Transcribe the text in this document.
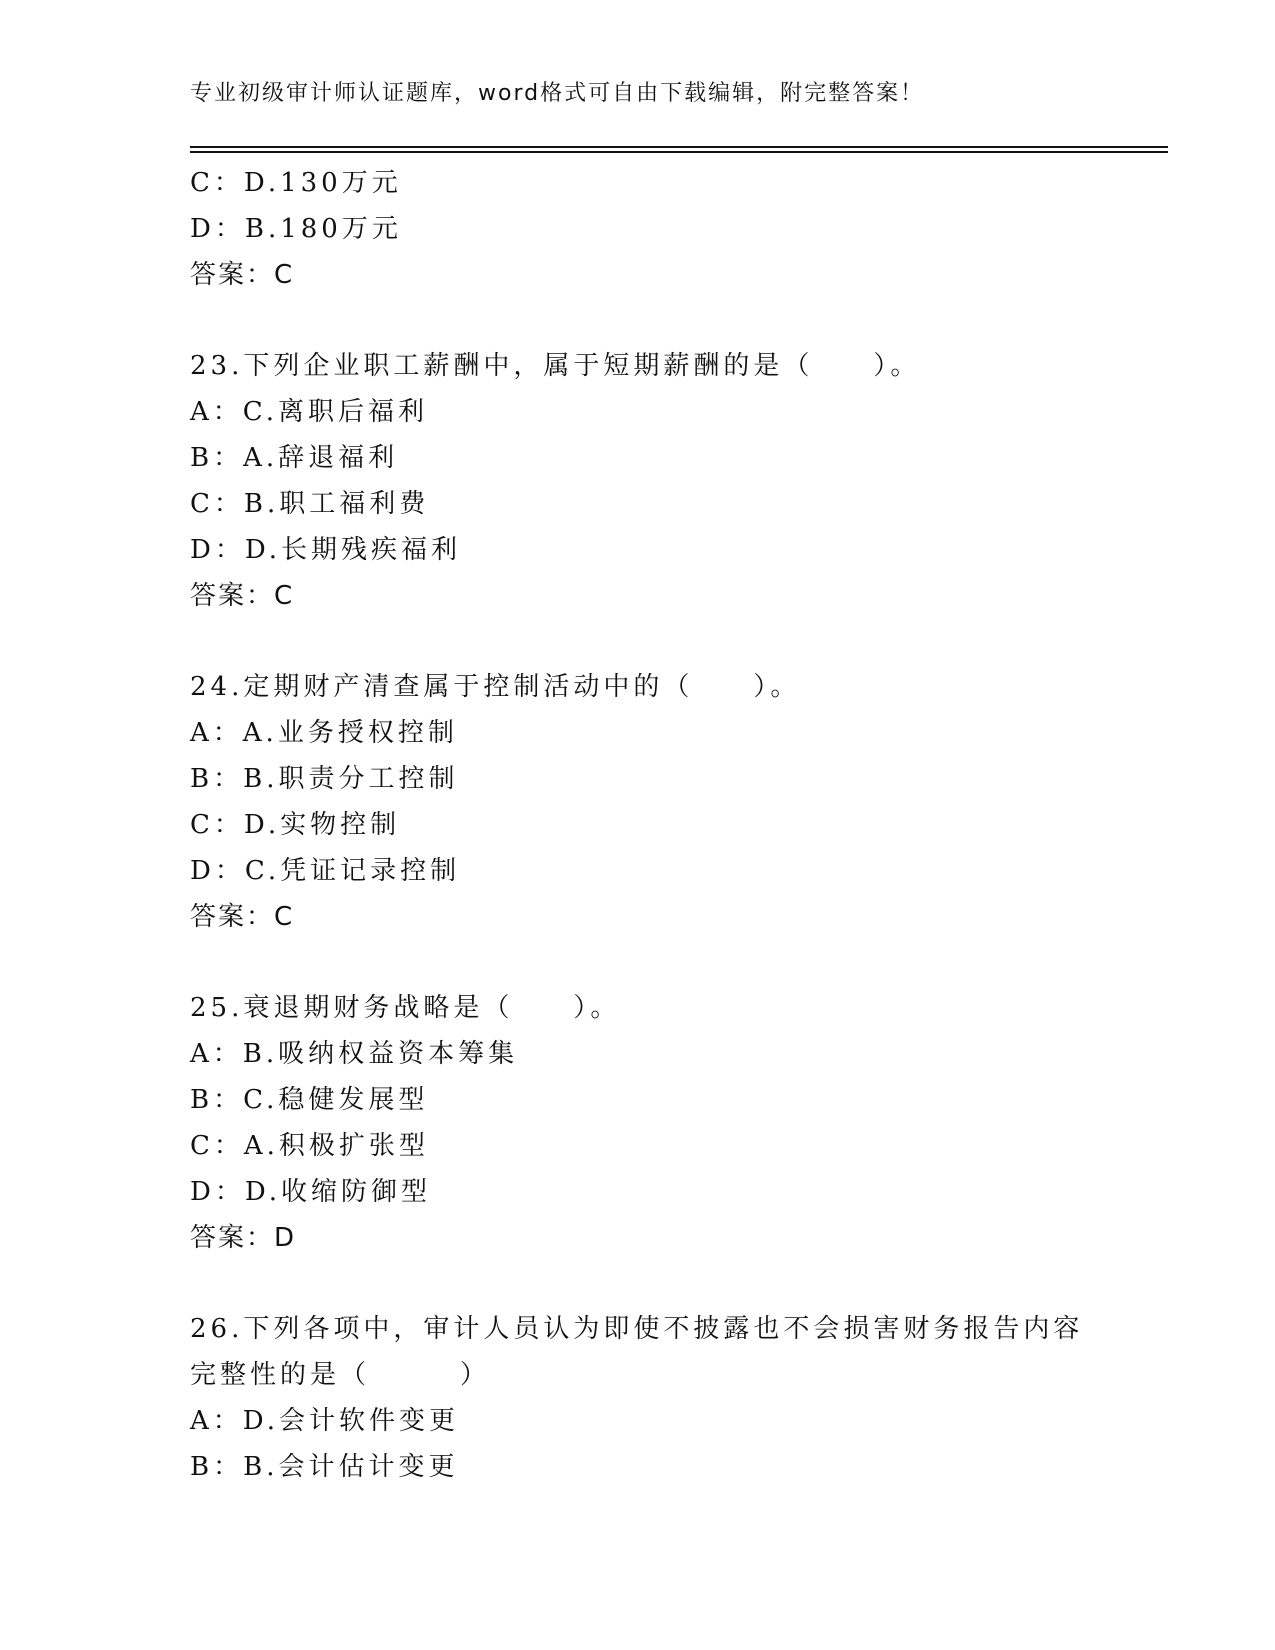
专业初级审计师认证题库，word格式可自由下载编辑，附完整答案！
C：D.130万元
D：B.180万元
答案：C
23.下列企业职工薪酬中，属于短期薪酬的是（　　）。
A：C.离职后福利
B：A.辞退福利
C：B.职工福利费
D：D.长期残疾福利
答案：C
24.定期财产清查属于控制活动中的（　　）。
A：A.业务授权控制
B：B.职责分工控制
C：D.实物控制
D：C.凭证记录控制
答案：C
25.衰退期财务战略是（　　）。
A：B.吸纳权益资本筹集
B：C.稳健发展型
C：A.积极扩张型
D：D.收缩防御型
答案：D
26.下列各项中，审计人员认为即使不披露也不会损害财务报告内容完整性的是（　　　）
A：D.会计软件变更
B：B.会计估计变更
